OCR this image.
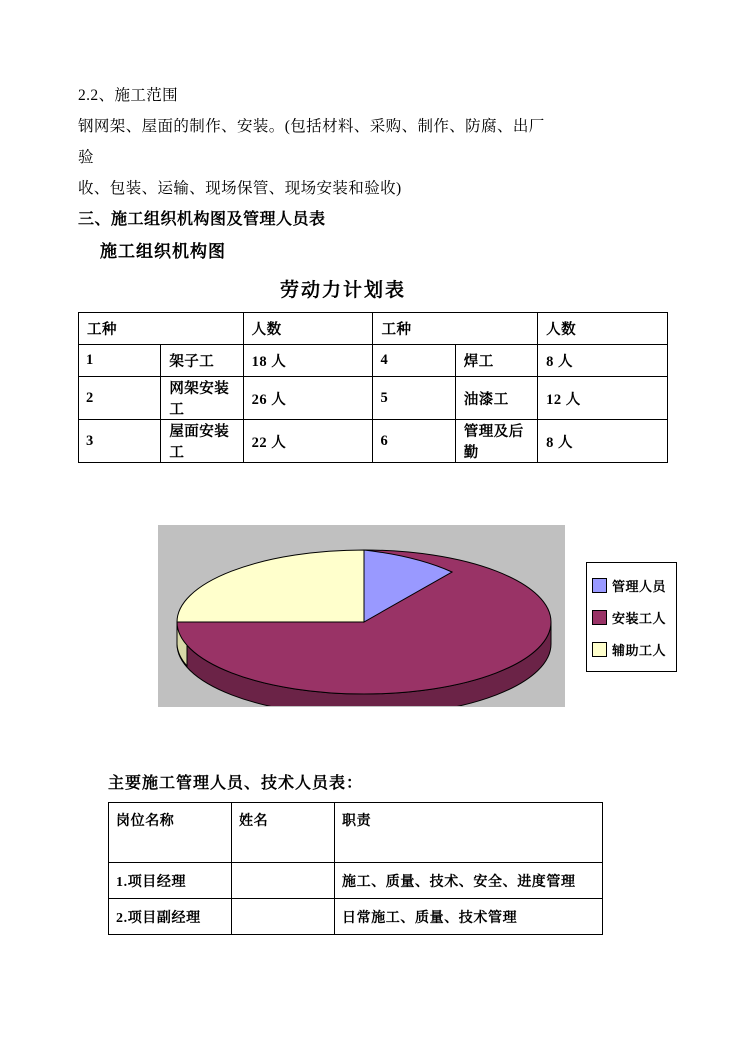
2.2、施工范围
钢网架、屋面的制作、安装。(包括材料、采购、制作、防腐、出厂
验
收、包装、运输、现场保管、现场安装和验收)
三、施工组织机构图及管理人员表
施工组织机构图
劳动力计划表
工种		人数	工种		人数
1	架子工	18 人	4	焊工	8 人
2	网架安装工	26 人	5	油漆工	12 人
3	屋面安装工	22 人	6	管理及后勤	8 人
管理人员
安装工人
辅助工人
主要施工管理人员、技术人员表：
岗位名称	姓名	职责
1.项目经理		施工、质量、技术、安全、进度管理
2.项目副经理		日常施工、质量、技术管理
